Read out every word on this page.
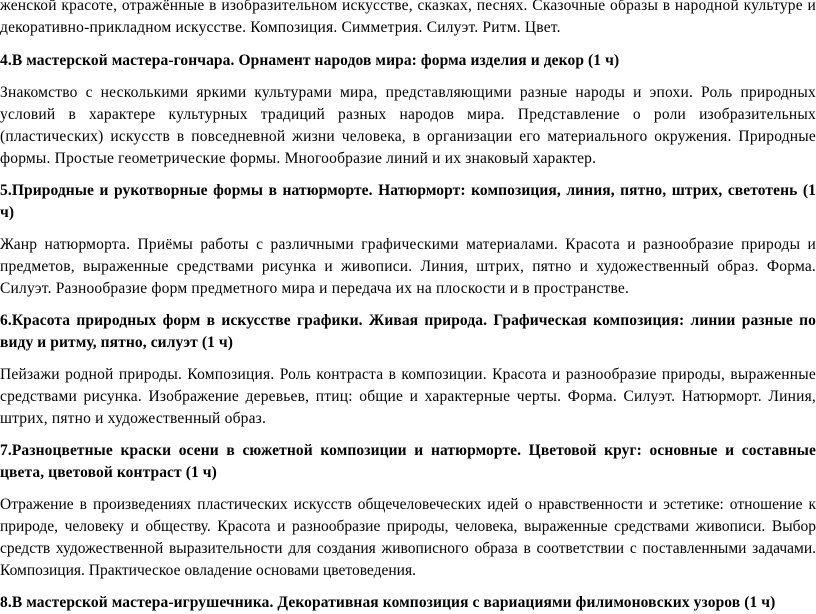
женской красоте, отражённые в изобразительном искусстве, сказках, песнях. Сказочные образы в народной культуре и декоративно-прикладном искусстве. Композиция. Симметрия. Силуэт. Ритм. Цвет.

4.В мастерской мастера-гончара. Орнамент народов мира: форма изделия и декор (1 ч)

Знакомство с несколькими яркими культурами мира, представляющими разные народы и эпохи. Роль природных условий в характере культурных традиций разных народов мира. Представление о роли изобразительных (пластических) искусств в повседневной жизни человека, в организации его материального окружения. Природные формы. Простые геометрические формы. Многообразие линий и их знаковый характер.

5.Природные и рукотворные формы в натюрморте. Натюрморт: композиция, линия, пятно, штрих, светотень (1 ч)

Жанр натюрморта. Приёмы работы с различными графическими материалами. Красота и разнообразие природы и предметов, выраженные средствами рисунка и живописи. Линия, штрих, пятно и художественный образ. Форма. Силуэт. Разнообразие форм предметного мира и передача их на плоскости и в пространстве.

6.Красота природных форм в искусстве графики. Живая природа. Графическая композиция: линии разные по виду и ритму, пятно, силуэт (1 ч)

Пейзажи родной природы. Композиция. Роль контраста в композиции. Красота и разнообразие природы, выраженные средствами рисунка. Изображение деревьев, птиц: общие и характерные черты. Форма. Силуэт. Натюрморт. Линия, штрих, пятно и художественный образ.

7.Разноцветные краски осени в сюжетной композиции и натюрморте. Цветовой круг: основные и составные цвета, цветовой контраст (1 ч)

Отражение в произведениях пластических искусств общечеловеческих идей о нравственности и эстетике: отношение к природе, человеку и обществу. Красота и разнообразие природы, человека, выраженные средствами живописи. Выбор средств художественной выразительности для создания живописного образа в соответствии с поставленными задачами. Композиция. Практическое овладение основами цветоведения.

8.В мастерской мастера-игрушечника. Декоративная композиция с вариациями филимоновских узоров (1 ч)
